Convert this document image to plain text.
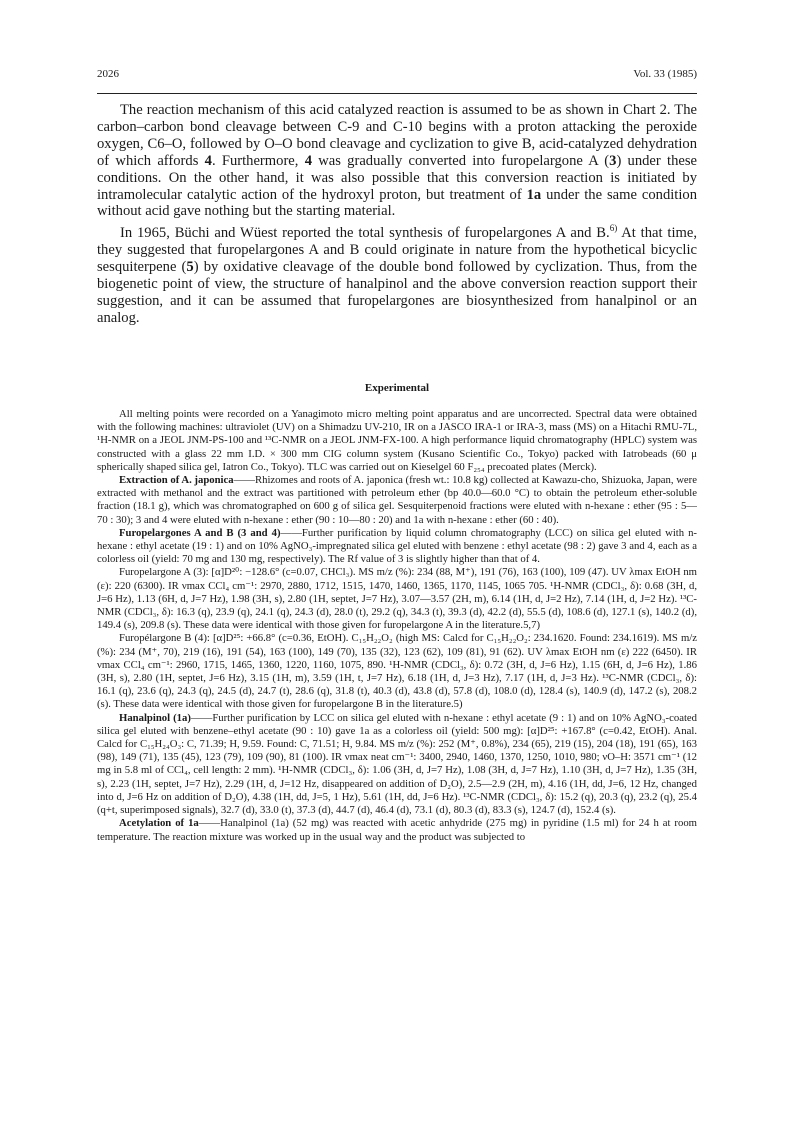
2026	Vol. 33 (1985)

The reaction mechanism of this acid catalyzed reaction is assumed to be as shown in Chart 2. The carbon–carbon bond cleavage between C-9 and C-10 begins with a proton attacking the peroxide oxygen, C6–O, followed by O–O bond cleavage and cyclization to give B, acid-catalyzed dehydration of which affords 4. Furthermore, 4 was gradually converted into furopelargone A (3) under these conditions. On the other hand, it was also possible that this conversion reaction is initiated by intramolecular catalytic action of the hydroxyl proton, but treatment of 1a under the same condition without acid gave nothing but the starting material.

In 1965, Büchi and Wüest reported the total synthesis of furopelargones A and B.$^{6)}$ At that time, they suggested that furopelargones A and B could originate in nature from the hypothetical bicyclic sesquiterpene (5) by oxidative cleavage of the double bond followed by cyclization. Thus, from the biogenetic point of view, the structure of hanalpinol and the above conversion reaction support their suggestion, and it can be assumed that furopelargones are biosynthesized from hanalpinol or an analog.

Experimental

All melting points were recorded on a Yanagimoto micro melting point apparatus and are uncorrected. Spectral data were obtained with the following machines: ultraviolet (UV) on a Shimadzu UV-210, IR on a JASCO IRA-1 or IRA-3, mass (MS) on a Hitachi RMU-7L, ¹H-NMR on a JEOL JNM-PS-100 and ¹³C-NMR on a JEOL JNM-FX-100. A high performance liquid chromatography (HPLC) system was constructed with a glass 22 mm I.D. × 300 mm CIG column system (Kusano Scientific Co., Tokyo) packed with Iatrobeads (60 μ spherically shaped silica gel, Iatron Co., Tokyo). TLC was carried out on Kieselgel 60 F₂₅₄ precoated plates (Merck).

Extraction of A. japonica——Rhizomes and roots of A. japonica (fresh wt.: 10.8 kg) collected at Kawazu-cho, Shizuoka, Japan, were extracted with methanol and the extract was partitioned with petroleum ether (bp 40.0—60.0 °C) to obtain the petroleum ether-soluble fraction (18.1 g), which was chromatographed on 600 g of silica gel. Sesquiterpenoid fractions were eluted with n-hexane : ether (95 : 5—70 : 30); 3 and 4 were eluted with n-hexane : ether (90 : 10—80 : 20) and 1a with n-hexane : ether (60 : 40).

Furopelargones A and B (3 and 4)——Further purification by liquid column chromatography (LCC) on silica gel eluted with n-hexane : ethyl acetate (19 : 1) and on 10% AgNO₃-impregnated silica gel eluted with benzene : ethyl acetate (98 : 2) gave 3 and 4, each as a colorless oil (yield: 70 mg and 130 mg, respectively). The Rf value of 3 is slightly higher than that of 4.

Furopelargone A (3): [α]D²⁰: −128.6° (c=0.07, CHCl₃). MS m/z (%): 234 (88, M⁺), 191 (76), 163 (100), 109 (47). UV λmax EtOH nm (ε): 220 (6300). IR νmax CCl₄ cm⁻¹: 2970, 2880, 1712, 1515, 1470, 1460, 1365, 1170, 1145, 1065 705. ¹H-NMR (CDCl₃, δ): 0.68 (3H, d, J=6 Hz), 1.13 (6H, d, J=7 Hz), 1.98 (3H, s), 2.80 (1H, septet, J=7 Hz), 3.07—3.57 (2H, m), 6.14 (1H, d, J=2 Hz), 7.14 (1H, d, J=2 Hz). ¹³C-NMR (CDCl₃, δ): 16.3 (q), 23.9 (q), 24.1 (q), 24.3 (d), 28.0 (t), 29.2 (q), 34.3 (t), 39.3 (d), 42.2 (d), 55.5 (d), 108.6 (d), 127.1 (s), 140.2 (d), 149.4 (s), 209.8 (s). These data were identical with those given for furopelargone A in the literature.5,7)

Furopélargone B (4): [α]D²⁵: +66.8° (c=0.36, EtOH). C₁₅H₂₂O₂ (high MS: Calcd for C₁₅H₂₂O₂: 234.1620. Found: 234.1619). MS m/z (%): 234 (M⁺, 70), 219 (16), 191 (54), 163 (100), 149 (70), 135 (32), 123 (62), 109 (81), 91 (62). UV λmax EtOH nm (ε) 222 (6450). IR νmax CCl₄ cm⁻¹: 2960, 1715, 1465, 1360, 1220, 1160, 1075, 890. ¹H-NMR (CDCl₃, δ): 0.72 (3H, d, J=6 Hz), 1.15 (6H, d, J=6 Hz), 1.86 (3H, s), 2.80 (1H, septet, J=6 Hz), 3.15 (1H, m), 3.59 (1H, t, J=7 Hz), 6.18 (1H, d, J=3 Hz), 7.17 (1H, d, J=3 Hz). ¹³C-NMR (CDCl₃, δ): 16.1 (q), 23.6 (q), 24.3 (q), 24.5 (d), 24.7 (t), 28.6 (q), 31.8 (t), 40.3 (d), 43.8 (d), 57.8 (d), 108.0 (d), 128.4 (s), 140.9 (d), 147.2 (s), 208.2 (s). These data were identical with those given for furopelargone B in the literature.5)

Hanalpinol (1a)——Further purification by LCC on silica gel eluted with n-hexane : ethyl acetate (9 : 1) and on 10% AgNO₃-coated silica gel eluted with benzene–ethyl acetate (90 : 10) gave 1a as a colorless oil (yield: 500 mg): [α]D²⁵: +167.8° (c=0.42, EtOH). Anal. Calcd for C₁₅H₂₄O₃: C, 71.39; H, 9.59. Found: C, 71.51; H, 9.84. MS m/z (%): 252 (M⁺, 0.8%), 234 (65), 219 (15), 204 (18), 191 (65), 163 (98), 149 (71), 135 (45), 123 (79), 109 (90), 81 (100). IR νmax neat cm⁻¹: 3400, 2940, 1460, 1370, 1250, 1010, 980; νO–H: 3571 cm⁻¹ (12 mg in 5.8 ml of CCl₄, cell length: 2 mm). ¹H-NMR (CDCl₃, δ): 1.06 (3H, d, J=7 Hz), 1.08 (3H, d, J=7 Hz), 1.10 (3H, d, J=7 Hz), 1.35 (3H, s), 2.23 (1H, septet, J=7 Hz), 2.29 (1H, d, J=12 Hz, disappeared on addition of D₂O), 2.5—2.9 (2H, m), 4.16 (1H, dd, J=6, 12 Hz, changed into d, J=6 Hz on addition of D₂O), 4.38 (1H, dd, J=5, 1 Hz), 5.61 (1H, dd, J=6 Hz). ¹³C-NMR (CDCl₃, δ): 15.2 (q), 20.3 (q), 23.2 (q), 25.4 (q+t, superimposed signals), 32.7 (d), 33.0 (t), 37.3 (d), 44.7 (d), 46.4 (d), 73.1 (d), 80.3 (d), 83.3 (s), 124.7 (d), 152.4 (s).

Acetylation of 1a——Hanalpinol (1a) (52 mg) was reacted with acetic anhydride (275 mg) in pyridine (1.5 ml) for 24 h at room temperature. The reaction mixture was worked up in the usual way and the product was subjected to
